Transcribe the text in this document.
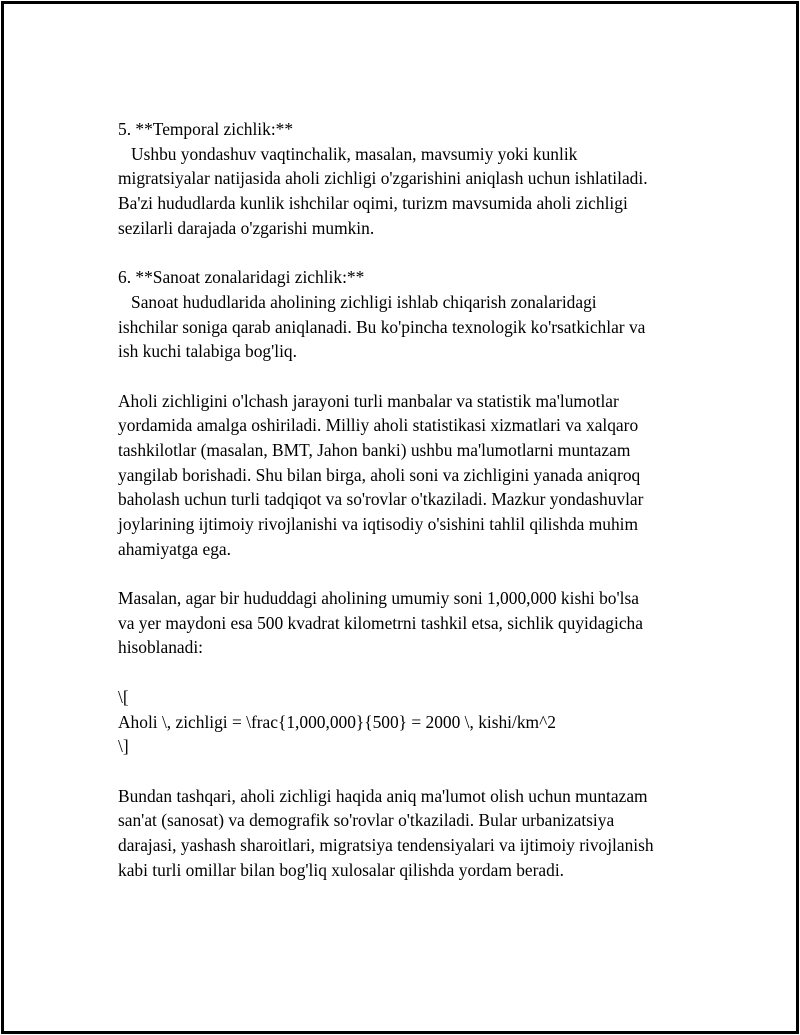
5. **Temporal zichlik:**
Ushbu yondashuv vaqtinchalik, masalan, mavsumiy yoki kunlik
migratsiyalar natijasida aholi zichligi o'zgarishini aniqlash uchun ishlatiladi.
Ba'zi hududlarda kunlik ishchilar oqimi, turizm mavsumida aholi zichligi
sezilarli darajada o'zgarishi mumkin.
6. **Sanoat zonalaridagi zichlik:**
Sanoat hududlarida aholining zichligi ishlab chiqarish zonalaridagi
ishchilar soniga qarab aniqlanadi. Bu ko'pincha texnologik ko'rsatkichlar va
ish kuchi talabiga bog'liq.
Aholi zichligini o'lchash jarayoni turli manbalar va statistik ma'lumotlar
yordamida amalga oshiriladi. Milliy aholi statistikasi xizmatlari va xalqaro
tashkilotlar (masalan, BMT, Jahon banki) ushbu ma'lumotlarni muntazam
yangilab borishadi. Shu bilan birga, aholi soni va zichligini yanada aniqroq
baholash uchun turli tadqiqot va so'rovlar o'tkaziladi. Mazkur yondashuvlar
joylarining ijtimoiy rivojlanishi va iqtisodiy o'sishini tahlil qilishda muhim
ahamiyatga ega.
Masalan, agar bir hududdagi aholining umumiy soni 1,000,000 kishi bo'lsa
va yer maydoni esa 500 kvadrat kilometrni tashkil etsa, sichlik quyidagicha
hisoblanadi:
\[
Aholi \, zichligi = \frac{1,000,000}{500} = 2000 \, kishi/km^2
\]
Bundan tashqari, aholi zichligi haqida aniq ma'lumot olish uchun muntazam
san'at (sanosat) va demografik so'rovlar o'tkaziladi. Bular urbanizatsiya
darajasi, yashash sharoitlari, migratsiya tendensiyalari va ijtimoiy rivojlanish
kabi turli omillar bilan bog'liq xulosalar qilishda yordam beradi.
